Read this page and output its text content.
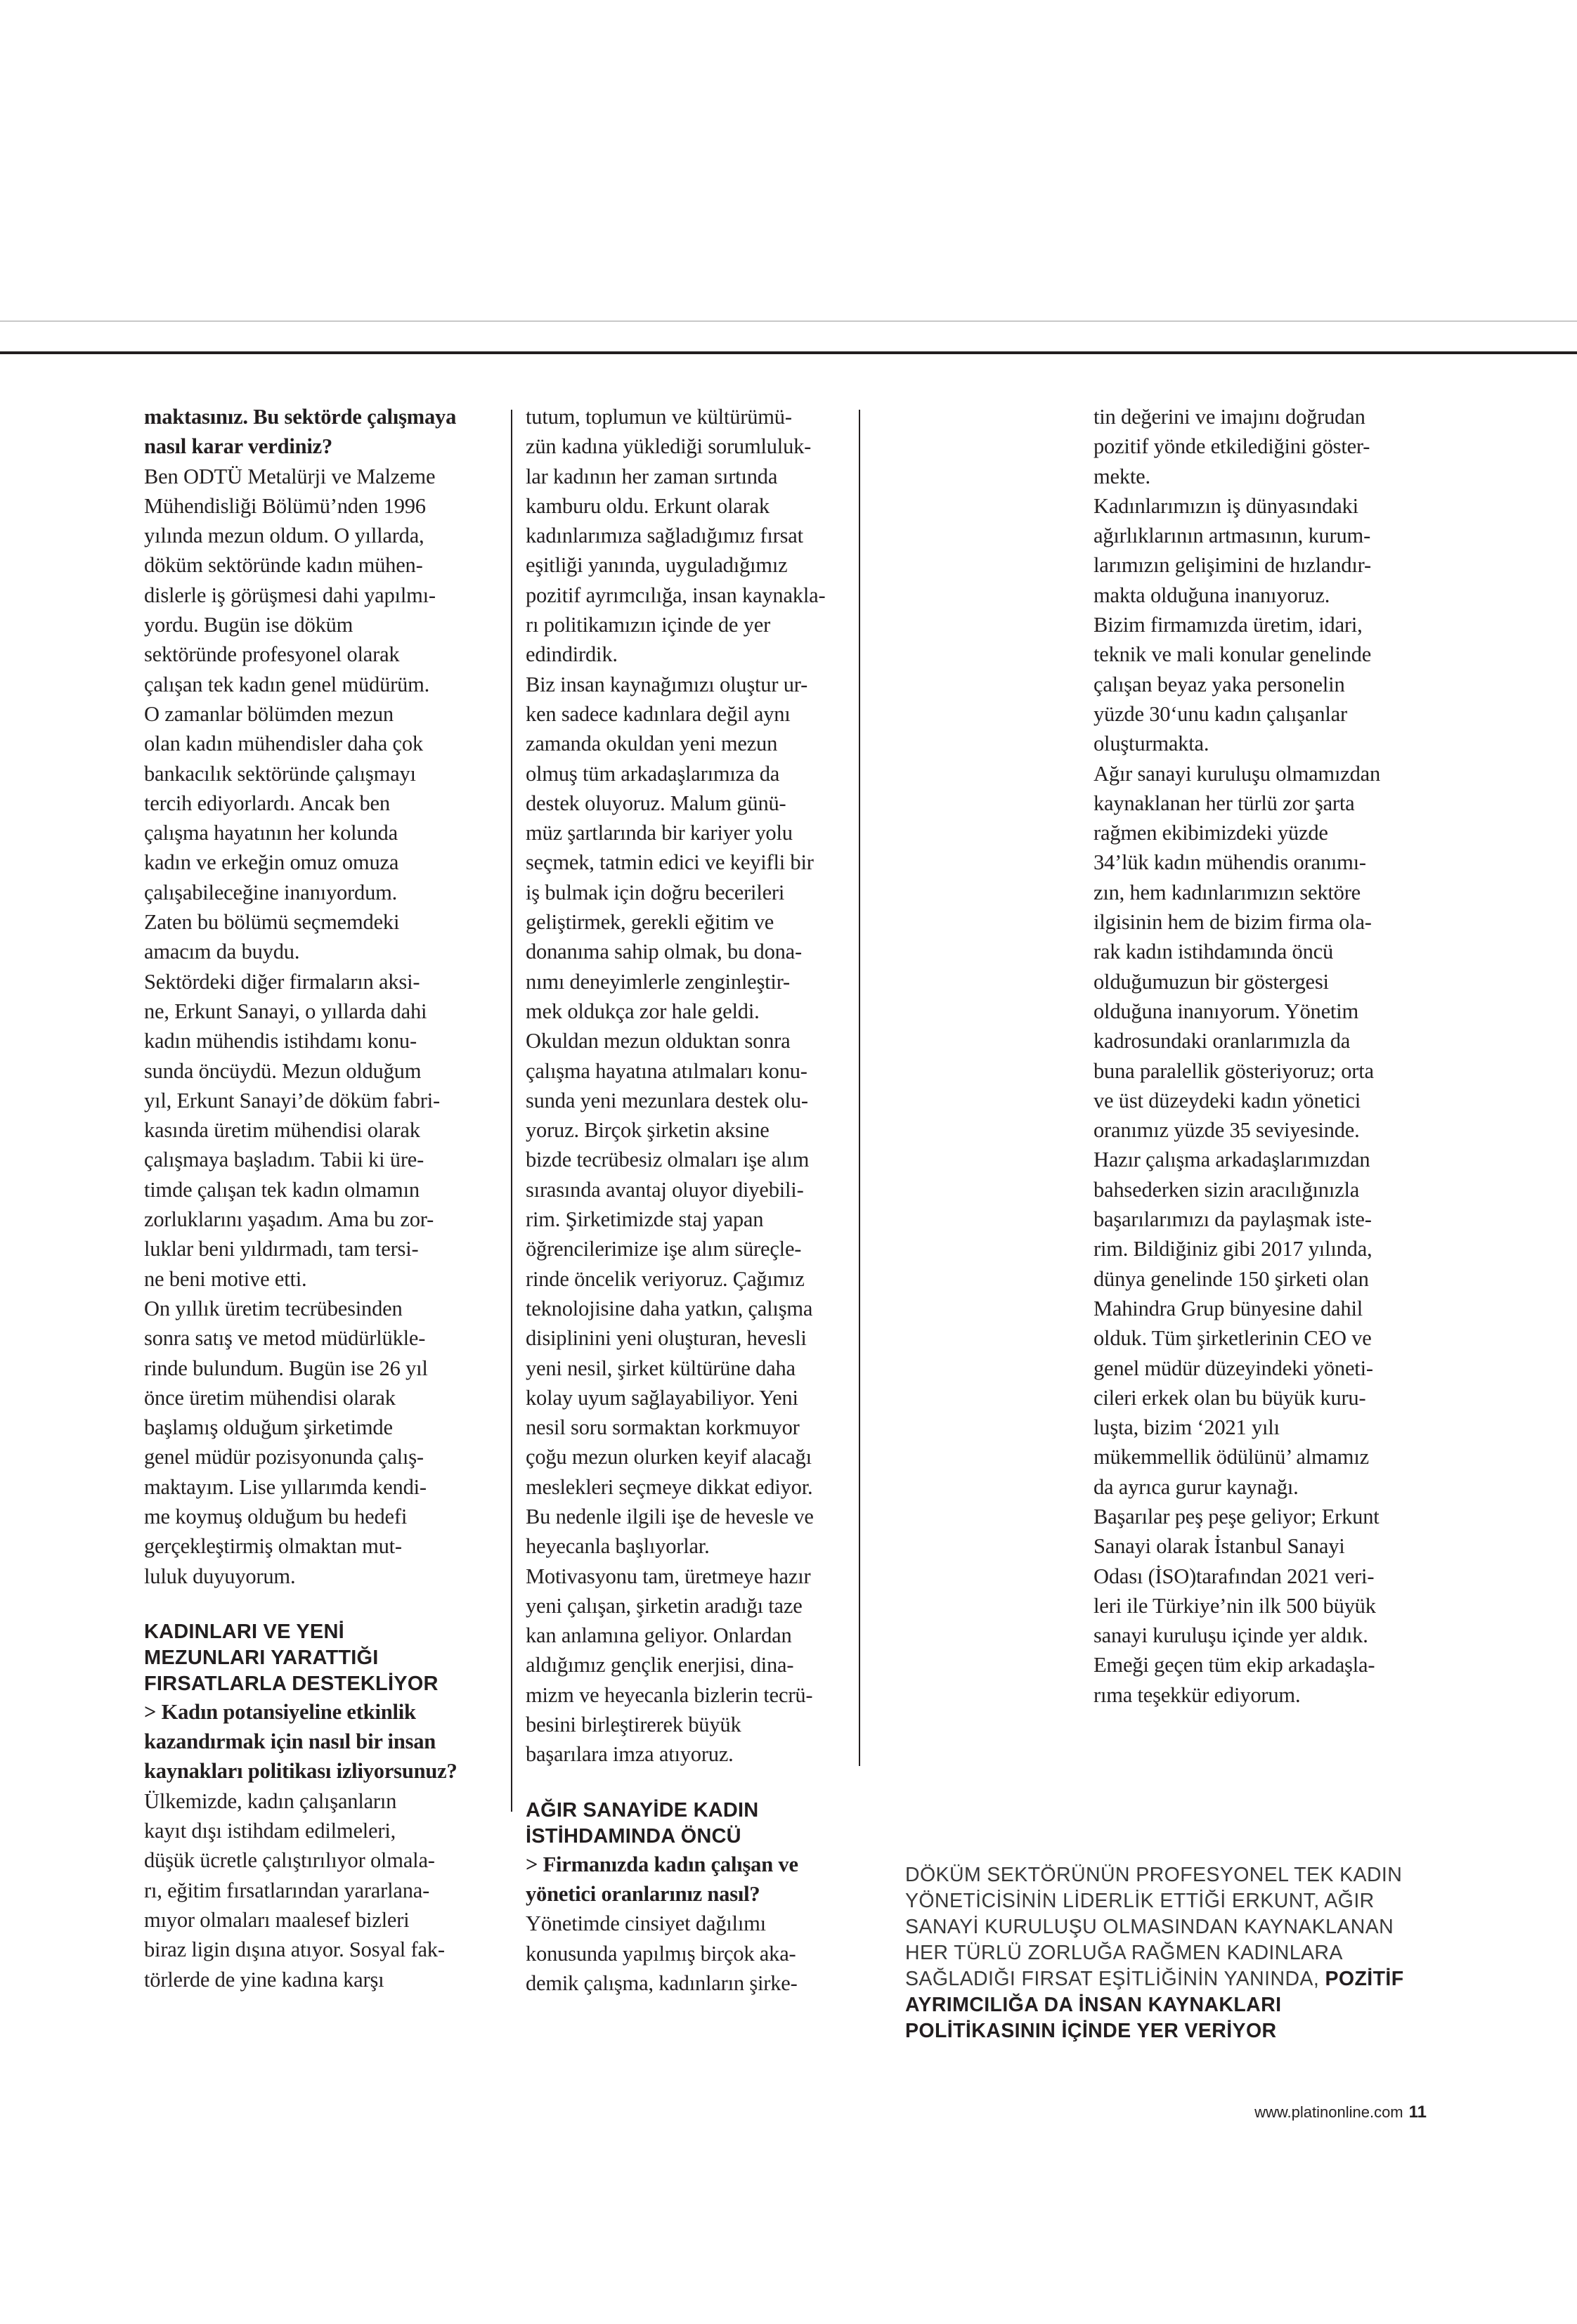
maktasınız. Bu sektörde çalışmaya
nasıl karar verdiniz?

Ben ODTÜ Metalürji ve Malzeme
Mühendisliği Bölümü’nden 1996
yılında mezun oldum. O yıllarda,
döküm sektöründe kadın mühen-
dislerle iş görüşmesi dahi yapılmı-
yordu. Bugün ise döküm
sektöründe profesyonel olarak
çalışan tek kadın genel müdürüm.
O zamanlar bölümden mezun
olan kadın mühendisler daha çok
bankacılık sektöründe çalışmayı
tercih ediyorlardı. Ancak ben
çalışma hayatının her kolunda
kadın ve erkeğin omuz omuza
çalışabileceğine inanıyordum.
Zaten bu bölümü seçmemdeki
amacım da buydu.
Sektördeki diğer firmaların aksi-
ne, Erkunt Sanayi, o yıllarda dahi
kadın mühendis istihdamı konu-
sunda öncüydü. Mezun olduğum
yıl, Erkunt Sanayi’de döküm fabri-
kasında üretim mühendisi olarak
çalışmaya başladım. Tabii ki üre-
timde çalışan tek kadın olmamın
zorluklarını yaşadım. Ama bu zor-
luklar beni yıldırmadı, tam tersi-
ne beni motive etti.
On yıllık üretim tecrübesinden
sonra satış ve metod müdürlükle-
rinde bulundum. Bugün ise 26 yıl
önce üretim mühendisi olarak
başlamış olduğum şirketimde
genel müdür pozisyonunda çalış-
maktayım. Lise yıllarımda kendi-
me koymuş olduğum bu hedefi
gerçekleştirmiş olmaktan mut-
luluk duyuyorum.

KADINLARI VE YENİ
MEZUNLARI YARATTIĞI
FIRSATLARLA DESTEKLİYOR

> Kadın potansiyeline etkinlik
kazandırmak için nasıl bir insan
kaynakları politikası izliyorsunuz?

Ülkemizde, kadın çalışanların
kayıt dışı istihdam edilmeleri,
düşük ücretle çalıştırılıyor olmala-
rı, eğitim fırsatlarından yararlana-
mıyor olmaları maalesef bizleri
biraz ligin dışına atıyor. Sosyal fak-
törlerde de yine kadına karşı

tutum, toplumun ve kültürümü-
zün kadına yüklediği sorumluluk-
lar kadının her zaman sırtında
kamburu oldu. Erkunt olarak
kadınlarımıza sağladığımız fırsat
eşitliği yanında, uyguladığımız
pozitif ayrımcılığa, insan kaynakla-
rı politikamızın içinde de yer
edindirdik.
Biz insan kaynağımızı oluştur ur-
ken sadece kadınlara değil aynı
zamanda okuldan yeni mezun
olmuş tüm arkadaşlarımıza da
destek oluyoruz. Malum günü-
müz şartlarında bir kariyer yolu
seçmek, tatmin edici ve keyifli bir
iş bulmak için doğru becerileri
geliştirmek, gerekli eğitim ve
donanıma sahip olmak, bu dona-
nımı deneyimlerle zenginleştir-
mek oldukça zor hale geldi.
Okuldan mezun olduktan sonra
çalışma hayatına atılmaları konu-
sunda yeni mezunlara destek olu-
yoruz. Birçok şirketin aksine
bizde tecrübesiz olmaları işe alım
sırasında avantaj oluyor diyebili-
rim. Şirketimizde staj yapan
öğrencilerimize işe alım süreçle-
rinde öncelik veriyoruz. Çağımız
teknolojisine daha yatkın, çalışma
disiplinini yeni oluşturan, hevesli
yeni nesil, şirket kültürüne daha
kolay uyum sağlayabiliyor. Yeni
nesil soru sormaktan korkmuyor
çoğu mezun olurken keyif alacağı
meslekleri seçmeye dikkat ediyor.
Bu nedenle ilgili işe de hevesle ve
heyecanla başlıyorlar.
Motivasyonu tam, üretmeye hazır
yeni çalışan, şirketin aradığı taze
kan anlamına geliyor. Onlardan
aldığımız gençlik enerjisi, dina-
mizm ve heyecanla bizlerin tecrü-
besini birleştirerek büyük
başarılara imza atıyoruz.

AĞIR SANAYİDE KADIN
İSTİHDAMINDA ÖNCÜ

> Firmanızda kadın çalışan ve
yönetici oranlarınız nasıl?

Yönetimde cinsiyet dağılımı
konusunda yapılmış birçok aka-
demik çalışma, kadınların şirke-

tin değerini ve imajını doğrudan
pozitif yönde etkilediğini göster-
mekte.
Kadınlarımızın iş dünyasındaki
ağırlıklarının artmasının, kurum-
larımızın gelişimini de hızlandır-
makta olduğuna inanıyoruz.
Bizim firmamızda üretim, idari,
teknik ve mali konular genelinde
çalışan beyaz yaka personelin
yüzde 30‘unu kadın çalışanlar
oluşturmakta.
Ağır sanayi kuruluşu olmamızdan
kaynaklanan her türlü zor şarta
rağmen ekibimizdeki yüzde
34’lük kadın mühendis oranımı-
zın, hem kadınlarımızın sektöre
ilgisinin hem de bizim firma ola-
rak kadın istihdamında öncü
olduğumuzun bir göstergesi
olduğuna inanıyorum. Yönetim
kadrosundaki oranlarımızla da
buna paralellik gösteriyoruz; orta
ve üst düzeydeki kadın yönetici
oranımız yüzde 35 seviyesinde.
Hazır çalışma arkadaşlarımızdan
bahsederken sizin aracılığınızla
başarılarımızı da paylaşmak iste-
rim. Bildiğiniz gibi 2017 yılında,
dünya genelinde 150 şirketi olan
Mahindra Grup bünyesine dahil
olduk. Tüm şirketlerinin CEO ve
genel müdür düzeyindeki yöneti-
cileri erkek olan bu büyük kuru-
luşta, bizim ‘2021 yılı
mükemmellik ödülünü’ almamız
da ayrıca gurur kaynağı.
Başarılar peş peşe geliyor; Erkunt
Sanayi olarak İstanbul Sanayi
Odası (İSO)tarafından 2021 veri-
leri ile Türkiye’nin ilk 500 büyük
sanayi kuruluşu içinde yer aldık.
Emeği geçen tüm ekip arkadaşla-
rıma teşekkür ediyorum.

DÖKÜM SEKTÖRÜNÜN PROFESYONEL TEK KADIN
YÖNETİCİSİNİN LİDERLİK ETTİĞİ ERKUNT, AĞIR
SANAYİ KURULUŞU OLMASINDAN KAYNAKLANAN
HER TÜRLÜ ZORLUĞA RAĞMEN KADINLARA
SAĞLADIĞI FIRSAT EŞİTLİĞİNİN YANINDA, POZİTİF
AYRIMCILIĞA DA İNSAN KAYNAKLARI
POLİTİKASININ İÇİNDE YER VERİYOR
www.platinonline.com 11
